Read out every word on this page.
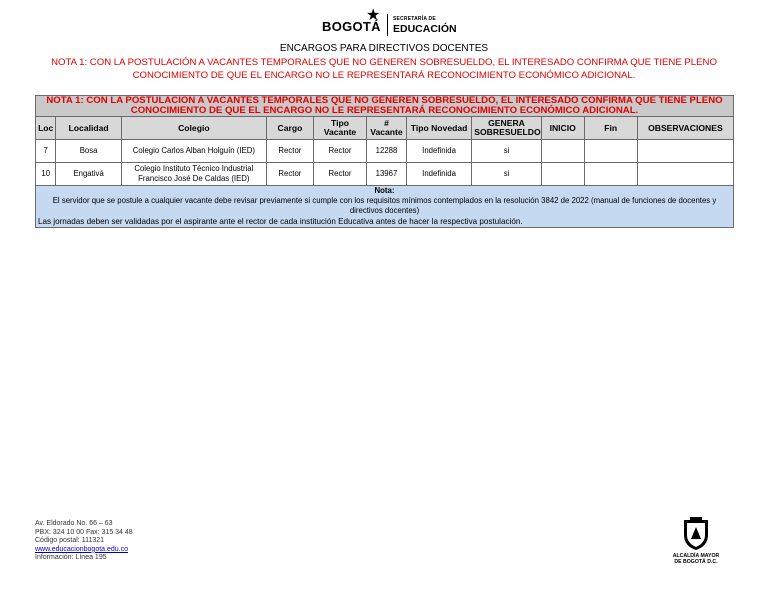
BOGOTÁ
★	SECRETARÍA DE
EDUCACIÓN
ENCARGOS PARA DIRECTIVOS DOCENTES
NOTA 1: CON LA POSTULACIÓN A VACANTES TEMPORALES QUE NO GENEREN SOBRESUELDO, EL INTERESADO CONFIRMA QUE TIENE PLENO CONOCIMIENTO DE QUE EL ENCARGO NO LE REPRESENTARÁ RECONOCIMIENTO ECONÓMICO ADICIONAL.
NOTA 1: CON LA POSTULACION A VACANTES TEMPORALES QUE NO GENEREN SOBRESUELDO, EL INTERESADO CONFIRMA QUE TIENE PLENO CONOCIMIENTO DE QUE EL ENCARGO NO LE REPRESENTARÁ RECONOCIMIENTO ECONÓMICO ADICIONAL.										
Loc	Localidad	Colegio	Cargo	Tipo Vacante	# Vacante	Tipo Novedad	GENERA SOBRESUELDO	INICIO	Fin	OBSERVACIONES
7	Bosa	Colegio Carlos Alban Holguín (IED)	Rector	Rector	12288	Indefinida	si			
10	Engativá	Colegio Instituto Técnico Industrial Francisco José De Caldas (IED)	Rector	Rector	13967	Indefinida	si			

Nota:
El servidor que se postule a cualquier vacante debe revisar previamente si cumple con los requisitos mínimos contemplados en la resolución 3842 de 2022 (manual de funciones de docentes y directivos docentes)
Las jornadas deben ser validadas por el aspirante ante el rector de cada institución Educativa antes de hacer la respectiva postulación.										
Av. Eldorado No. 66 – 63
PBX: 324 10 00 Fax: 315 34 48
Código postal: 111321
www.educacionbogota.edu.co
Información: Línea 195	ALCALDÍA MAYOR
DE BOGOTÁ D.C.
